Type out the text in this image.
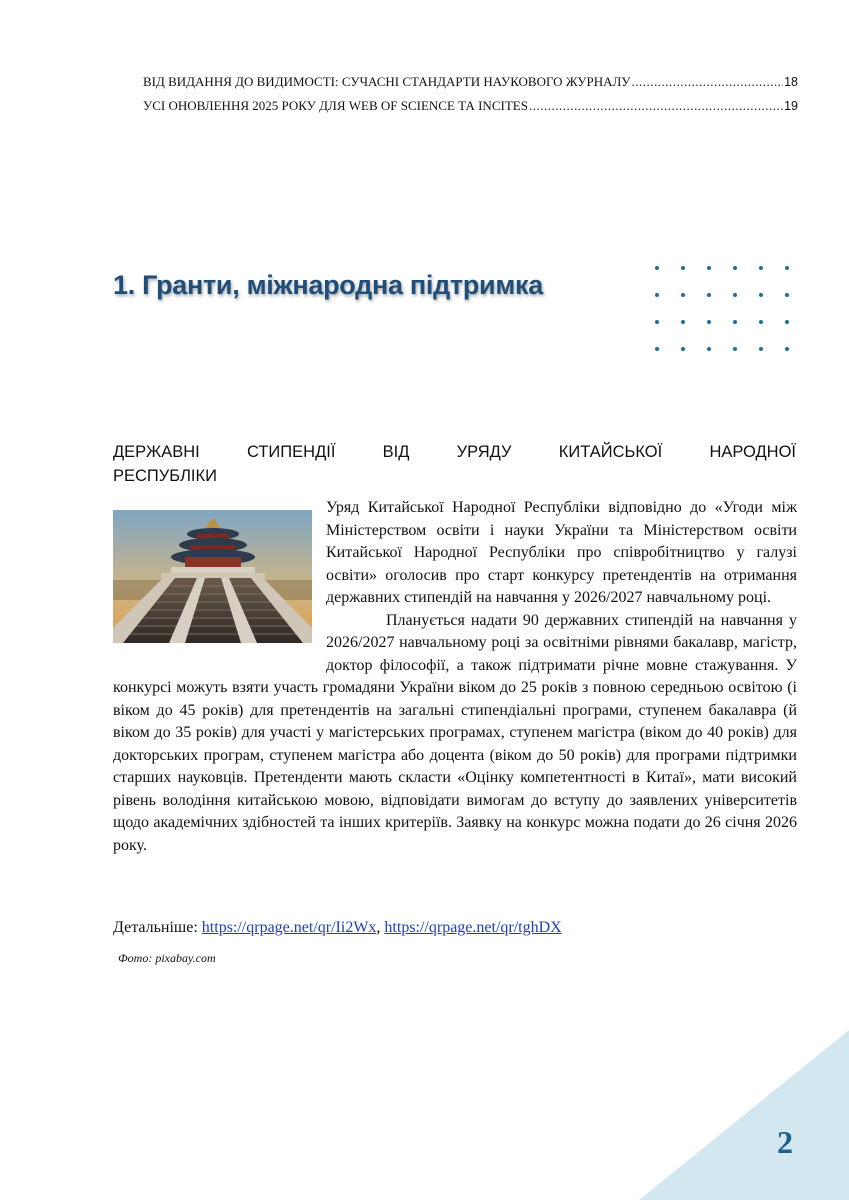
ВІД ВИДАННЯ ДО ВИДИМОСТІ: СУЧАСНІ СТАНДАРТИ НАУКОВОГО ЖУРНАЛУ .....	18
УСІ ОНОВЛЕННЯ 2025 РОКУ ДЛЯ WEB OF SCIENCE ТА INCITES .....	19
1. Гранти, міжнародна підтримка
ДЕРЖАВНІ СТИПЕНДІЇ ВІД УРЯДУ КИТАЙСЬКОЇ НАРОДНОЇ
РЕСПУБЛІКИ

Уряд Китайської Народної Республіки відповідно до «Угоди між Міністерством освіти і науки України та Міністерством освіти Китайської Народної Республіки про співробітництво у галузі освіти» оголосив про старт конкурсу претендентів на отримання державних стипендій на навчання у 2026/2027 навчальному році.

Планується надати 90 державних стипендій на навчання у 2026/2027 навчальному році за освітніми рівнями бакалавр, магістр, доктор філософії, а також підтримати річне мовне стажування. У конкурсі можуть взяти участь громадяни України віком до 25 років з повною середньою освітою (і віком до 45 років) для претендентів на загальні стипендіальні програми, ступенем бакалавра (й віком до 35 років) для участі у магістерських програмах, ступенем магістра (віком до 40 років) для докторських програм, ступенем магістра або доцента (віком до 50 років) для програми підтримки старших науковців. Претенденти мають скласти «Оцінку компетентності в Китаї», мати високий рівень володіння китайською мовою, відповідати вимогам до вступу до заявлених університетів щодо академічних здібностей та інших критеріїв. Заявку на конкурс можна подати до 26 січня 2026 року.

Детальніше: https://qrpage.net/qr/Ii2Wx, https://qrpage.net/qr/tghDX

Фото: pixabay.com

2
